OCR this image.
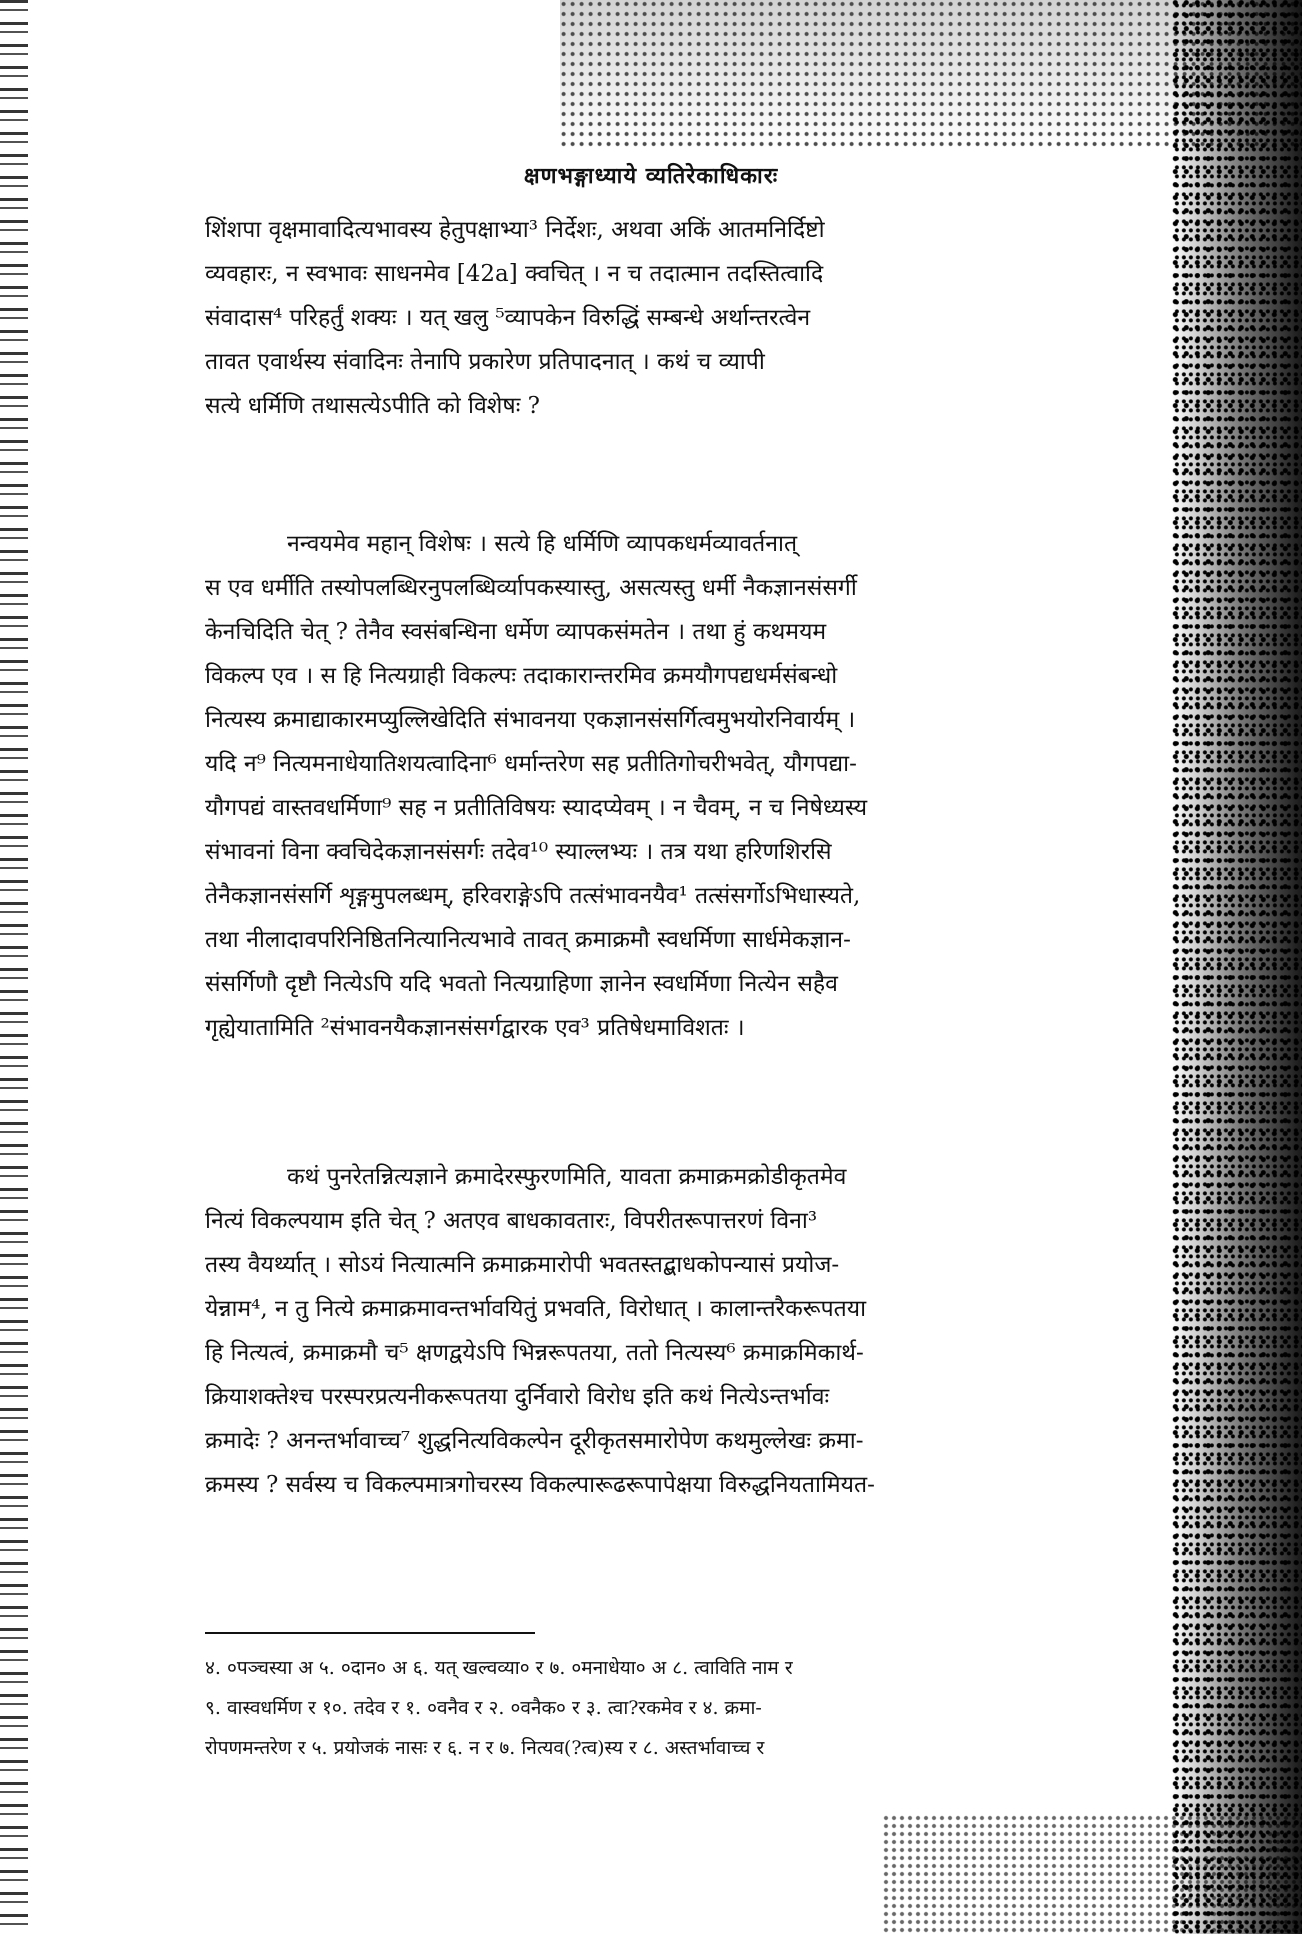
क्षणभङ्गाध्याये व्यतिरेकाधिकारः
शिंशपा वृक्षमावादित्यभावस्य हेतुपक्षाभ्या³ निर्देशः, अथवा अकिं आतमनिर्दिष्टो
व्यवहारः, न स्वभावः साधनमेव [42a] क्वचित् । न च तदात्मान तदस्तित्वादि
संवादास⁴ परिहर्तुं शक्यः । यत् खलु ⁵व्यापकेन विरुद्धिं सम्बन्धे अर्थान्तरत्वेन
तावत एवार्थस्य संवादिनः तेनापि प्रकारेण प्रतिपादनात् । कथं च व्यापी
सत्ये धर्मिणि तथासत्येऽपीति को विशेषः ?
नन्वयमेव महान् विशेषः । सत्ये हि धर्मिणि व्यापकधर्मव्यावर्तनात्
स एव धर्मीति तस्योपलब्धिरनुपलब्धिर्व्यापकस्यास्तु, असत्यस्तु धर्मी नैकज्ञानसंसर्गी
केनचिदिति चेत् ? तेनैव स्वसंबन्धिना धर्मेण व्यापकसंमतेन । तथा हुं कथमयम
विकल्प एव । स हि नित्यग्राही विकल्पः तदाकारान्तरमिव क्रमयौगपद्यधर्मसंबन्धो
नित्यस्य क्रमाद्याकारमप्युल्लिखेदिति संभावनया एकज्ञानसंसर्गित्वमुभयोरनिवार्यम् ।
यदि न⁹ नित्यमनाधेयातिशयत्वादिना⁶ धर्मान्तरेण सह प्रतीतिगोचरीभवेत्, यौगपद्या-
यौगपद्यं वास्तवधर्मिणा⁹ सह न प्रतीतिविषयः स्यादप्येवम् । न चैवम्, न च निषेध्यस्य
संभावनां विना क्वचिदेकज्ञानसंसर्गः तदेव¹⁰ स्याल्लभ्यः । तत्र यथा हरिणशिरसि
तेनैकज्ञानसंसर्गि शृङ्गमुपलब्धम्, हरिवराङ्गेऽपि तत्संभावनयैव¹ तत्संसर्गोऽभिधास्यते,
तथा नीलादावपरिनिष्ठितनित्यानित्यभावे तावत् क्रमाक्रमौ स्वधर्मिणा सार्धमेकज्ञान-
संसर्गिणौ दृष्टौ नित्येऽपि यदि भवतो नित्यग्राहिणा ज्ञानेन स्वधर्मिणा नित्येन सहैव
गृह्येयातामिति ²संभावनयैकज्ञानसंसर्गद्वारक एव³ प्रतिषेधमाविशतः ।
कथं पुनरेतन्नित्यज्ञाने क्रमादेरस्फुरणमिति, यावता क्रमाक्रमक्रोडीकृतमेव
नित्यं विकल्पयाम इति चेत् ? अतएव बाधकावतारः, विपरीतरूपात्तरणं विना³
तस्य वैयर्थ्यात् । सोऽयं नित्यात्मनि क्रमाक्रमारोपी भवतस्तद्बाधकोपन्यासं प्रयोज-
येन्नाम⁴, न तु नित्ये क्रमाक्रमावन्तर्भावयितुं प्रभवति, विरोधात् । कालान्तरैकरूपतया
हि नित्यत्वं, क्रमाक्रमौ च⁵ क्षणद्वयेऽपि भिन्नरूपतया, ततो नित्यस्य⁶ क्रमाक्रमिकार्थ-
क्रियाशक्तेश्च परस्परप्रत्यनीकरूपतया दुर्निवारो विरोध इति कथं नित्येऽन्तर्भावः
क्रमादेः ? अनन्तर्भावाच्च⁷ शुद्धनित्यविकल्पेन दूरीकृतसमारोपेण कथमुल्लेखः क्रमा-
क्रमस्य ? सर्वस्य च विकल्पमात्रगोचरस्य विकल्पारूढरूपापेक्षया विरुद्धनियतामियत-
४. ०पञ्चस्या अ ५. ०दान० अ ६. यत् खल्वव्या० र ७. ०मनाधेया० अ ८. त्वाविति नाम र
९. वास्वधर्मिण र १०. तदेव र १. ०वनैव र २. ०वनैक० र ३. त्वा?रकमेव र ४. क्रमा-
रोपणमन्तरेण र ५. प्रयोजकं नासः र ६. न र ७. नित्यव(?त्व)स्य र ८. अस्तर्भावाच्च र
